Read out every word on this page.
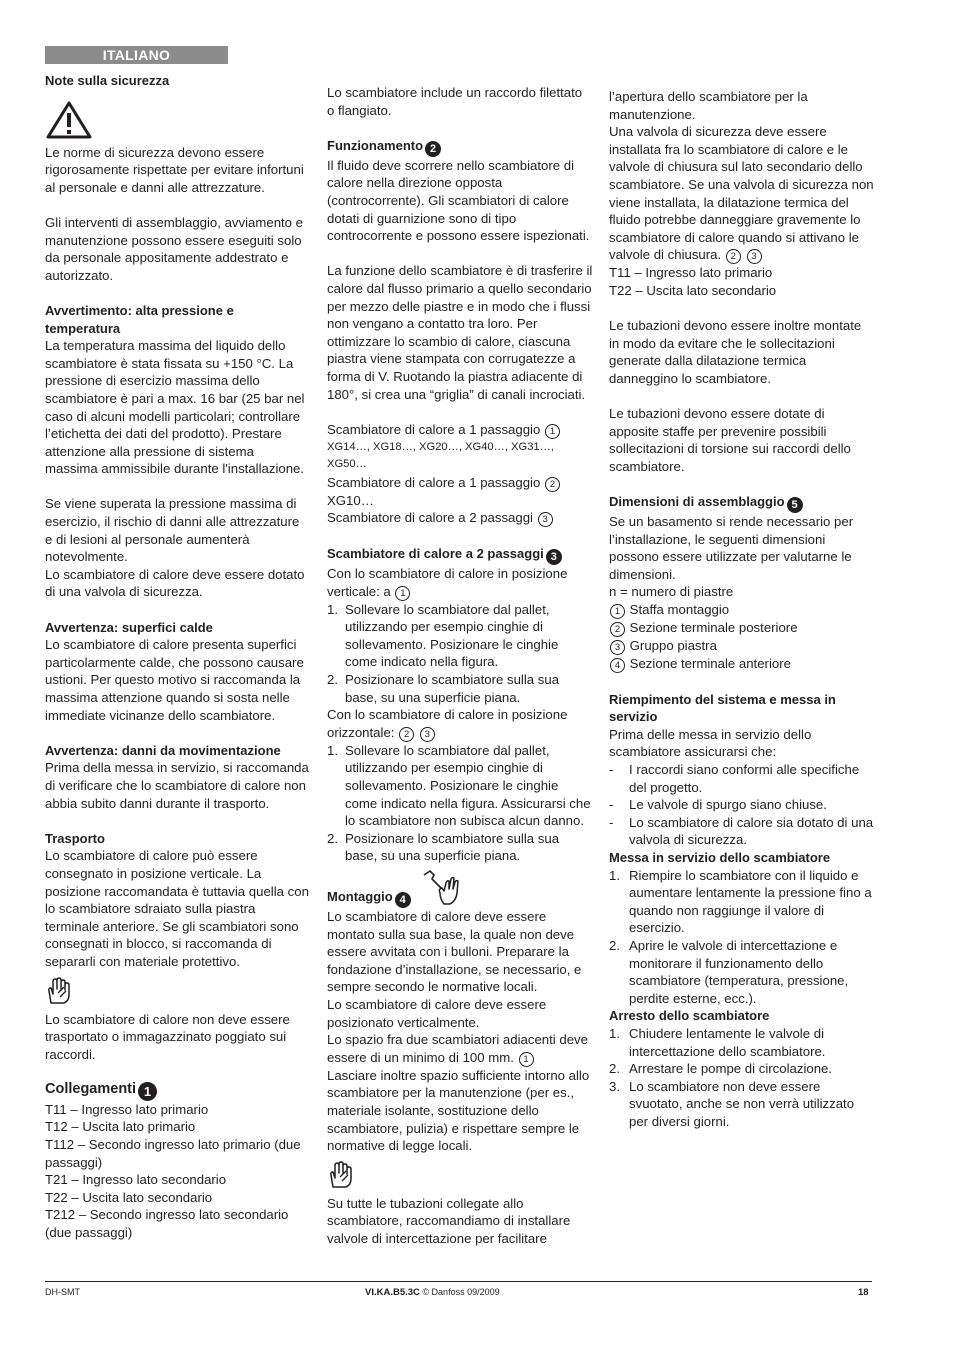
ITALIANO
Note sulla sicurezza

Le norme di sicurezza devono essere rigorosamente rispettate per evitare infortuni al personale e danni alle attrezzature.

Gli interventi di assemblaggio, avviamento e manutenzione possono essere eseguiti solo da personale appositamente addestrato e autorizzato.

Avvertimento: alta pressione e temperatura

La temperatura massima del liquido dello scambiatore è stata fissata su +150 °C. La pressione di esercizio massima dello scambiatore è pari a max. 16 bar (25 bar nel caso di alcuni modelli particolari; controllare l’etichetta dei dati del prodotto). Prestare attenzione alla pressione di sistema massima ammissibile durante l'installazione.

Se viene superata la pressione massima di esercizio, il rischio di danni alle attrezzature e di lesioni al personale aumenterà notevolmente.

Lo scambiatore di calore deve essere dotato di una valvola di sicurezza.

Avvertenza: superfici calde

Lo scambiatore di calore presenta superfici particolarmente calde, che possono causare ustioni. Per questo motivo si raccomanda la massima attenzione quando si sosta nelle immediate vicinanze dello scambiatore.

Avvertenza: danni da movimentazione

Prima della messa in servizio, si raccomanda di verificare che lo scambiatore di calore non abbia subito danni durante il trasporto.

Trasporto
Lo scambiatore di calore può essere consegnato in posizione verticale. La posizione raccomandata è tuttavia quella con lo scambiatore sdraiato sulla piastra terminale anteriore. Se gli scambiatori sono consegnati in blocco, si raccomanda di separarli con materiale protettivo.

Lo scambiatore di calore non deve essere trasportato o immagazzinato poggiato sui raccordi.

Collegamenti 1
T11 – Ingresso lato primario
T12 – Uscita lato primario
T112 – Secondo ingresso lato primario (due passaggi)
T21 – Ingresso lato secondario
T22 – Uscita lato secondario
T212 – Secondo ingresso lato secondario (due passaggi)

Lo scambiatore include un raccordo filettato o flangiato.

Funzionamento 2

Il fluido deve scorrere nello scambiatore di calore nella direzione opposta (controcorrente). Gli scambiatori di calore dotati di guarnizione sono di tipo controcorrente e possono essere ispezionati.

La funzione dello scambiatore è di trasferire il calore dal flusso primario a quello secondario per mezzo delle piastre e in modo che i flussi non vengano a contatto tra loro. Per ottimizzare lo scambio di calore, ciascuna piastra viene stampata con corrugatezze a forma di V. Ruotando la piastra adiacente di 180°, si crea una “griglia” di canali incrociati.

Scambiatore di calore a 1 passaggio 1
XG14…, XG18…, XG20…, XG40…, XG31…, XG50…
Scambiatore di calore a 1 passaggio 2
XG10…
Scambiatore di calore a 2 passaggi 3
Scambiatore di calore a 2 passaggi 3
Con lo scambiatore di calore in posizione verticale: a 1
1. Sollevare lo scambiatore dal pallet, utilizzando per esempio cinghie di sollevamento. Posizionare le cinghie come indicato nella figura.
2. Posizionare lo scambiatore sulla sua base, su una superficie piana.
Con lo scambiatore di calore in posizione orizzontale: 2 3
1. Sollevare lo scambiatore dal pallet, utilizzando per esempio cinghie di sollevamento. Posizionare le cinghie come indicato nella figura. Assicurarsi che lo scambiatore non subisca alcun danno.
2. Posizionare lo scambiatore sulla sua base, su una superficie piana.
Montaggio 4
Lo scambiatore di calore deve essere montato sulla sua base, la quale non deve essere avvitata con i bulloni. Preparare la fondazione d’installazione, se necessario, e sempre secondo le normative locali.
Lo scambiatore di calore deve essere posizionato verticalmente.
Lo spazio fra due scambiatori adiacenti deve essere di un minimo di 100 mm. 1
Lasciare inoltre spazio sufficiente intorno allo scambiatore per la manutenzione (per es., materiale isolante, sostituzione dello scambiatore, pulizia) e rispettare sempre le normative di legge locali.
Su tutte le tubazioni collegate allo scambiatore, raccomandiamo di installare valvole di intercettazione per facilitare
l’apertura dello scambiatore per la manutenzione.
Una valvola di sicurezza deve essere installata fra lo scambiatore di calore e le valvole di chiusura sul lato secondario dello scambiatore. Se una valvola di sicurezza non viene installata, la dilatazione termica del fluido potrebbe danneggiare gravemente lo scambiatore di calore quando si attivano le valvole di chiusura. 2 3
T11 – Ingresso lato primario
T22 – Uscita lato secondario

Le tubazioni devono essere inoltre montate in modo da evitare che le sollecitazioni generate dalla dilatazione termica danneggino lo scambiatore.

Le tubazioni devono essere dotate di apposite staffe per prevenire possibili sollecitazioni di torsione sui raccordi dello scambiatore.

Dimensioni di assemblaggio 5
Se un basamento si rende necessario per l’installazione, le seguenti dimensioni possono essere utilizzate per valutarne le dimensioni.
n = numero di piastre
1 Staffa montaggio
2 Sezione terminale posteriore
3 Gruppo piastra
4 Sezione terminale anteriore
Riempimento del sistema e messa in servizio
Prima delle messa in servizio dello scambiatore assicurarsi che:
- I raccordi siano conformi alle specifiche del progetto.
- Le valvole di spurgo siano chiuse.
- Lo scambiatore di calore sia dotato di una valvola di sicurezza.
Messa in servizio dello scambiatore
1. Riempire lo scambiatore con il liquido e aumentare lentamente la pressione fino a quando non raggiunge il valore di esercizio.
2. Aprire le valvole di intercettazione e monitorare il funzionamento dello scambiatore (temperatura, pressione, perdite esterne, ecc.).
Arresto dello scambiatore
1. Chiudere lentamente le valvole di intercettazione dello scambiatore.
2. Arrestare le pompe di circolazione.
3. Lo scambiatore non deve essere svuotato, anche se non verrà utilizzato per diversi giorni.
DH-SMT	VI.KA.B5.3C © Danfoss 09/2009	18
